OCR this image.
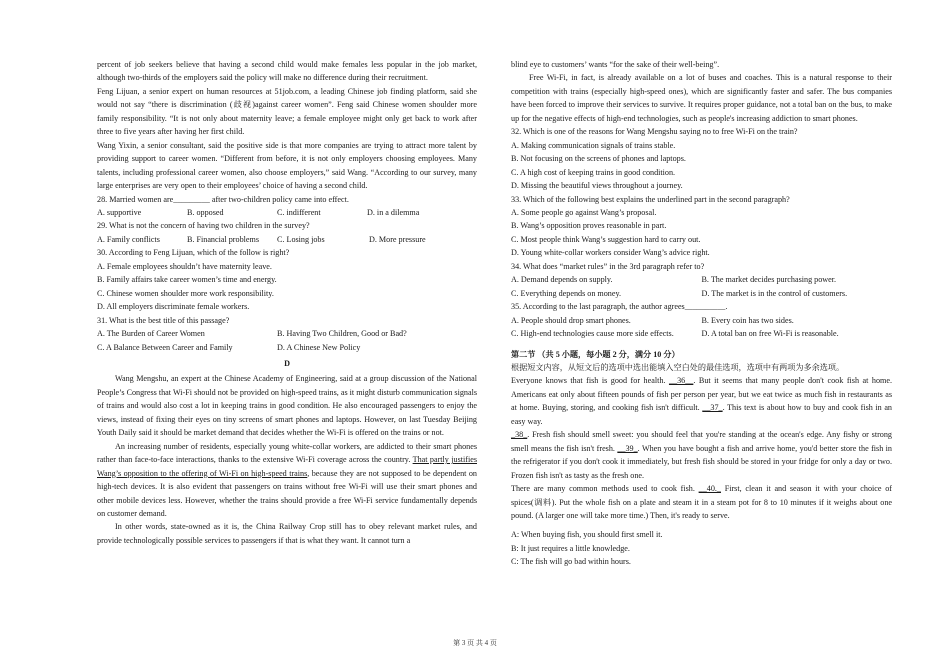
percent of job seekers believe that having a second child would make females less popular in the job market, although two-thirds of the employers said the policy will make no difference during their recruitment.

Feng Lijuan, a senior expert on human resources at 51job.com, a leading Chinese job finding platform, said she would not say “there is discrimination (歧视)against career women”. Feng said Chinese women shoulder more family responsibility. “It is not only about maternity leave; a female employee might only get back to work after three to five years after having her first child.

Wang Yixin, a senior consultant, said the positive side is that more companies are trying to attract more talent by providing support to career women. “Different from before, it is not only employers choosing employees. Many talents, including professional career women, also choose employers,” said Wang. “According to our survey, many large enterprises are very open to their employees’ choice of having a second child.

28. Married women are_________ after two-children policy came into effect.

A. supportive	B. opposed	C. indifferent	D. in a dilemma

29. What is not the concern of having two children in the survey?

A. Family conflicts	B. Financial problems	C. Losing jobs	D. More pressure

30. According to Feng Lijuan, which of the follow is right?

A. Female employees shouldn’t have maternity leave.

B. Family affairs take career women’s time and energy.

C. Chinese women shoulder more work responsibility.

D. All employers discriminate female workers.

31. What is the best title of this passage?

A. The Burden of Career Women	B. Having Two Children, Good or Bad?
C. A Balance Between Career and Family	D. A Chinese New Policy
D

Wang Mengshu, an expert at the Chinese Academy of Engineering, said at a group discussion of the National People’s Congress that Wi-Fi should not be provided on high-speed trains, as it might disturb communication signals of trains and would also cost a lot in keeping trains in good condition. He also encouraged passengers to enjoy the views, instead of fixing their eyes on tiny screens of smart phones and laptops. However, on last Tuesday Beijing Youth Daily said it should be market demand that decides whether the Wi-Fi is offered on the trains or not.

An increasing number of residents, especially young white-collar workers, are addicted to their smart phones rather than face-to-face interactions, thanks to the extensive Wi-Fi coverage across the country. That partly justifies Wang’s opposition to the offering of Wi-Fi on high-speed trains, because they are not supposed to be dependent on high-tech devices. It is also evident that passengers on trains without free Wi-Fi will use their smart phones and other mobile devices less. However, whether the trains should provide a free Wi-Fi service fundamentally depends on customer demand.

In other words, state-owned as it is, the China Railway Crop still has to obey relevant market rules, and provide technologically possible services to passengers if that is what they want. It cannot turn a

blind eye to customers’ wants “for the sake of their well-being”.

Free Wi-Fi, in fact, is already available on a lot of buses and coaches. This is a natural response to their competition with trains (especially high-speed ones), which are significantly faster and safer. The bus companies have been forced to improve their services to survive. It requires proper guidance, not a total ban on the bus, to make up for the negative effects of high-end technologies, such as people's increasing addiction to smart phones.

32. Which is one of the reasons for Wang Mengshu saying no to free Wi-Fi on the train?

A. Making communication signals of trains stable.

B. Not focusing on the screens of phones and laptops.

C. A high cost of keeping trains in good condition.

D. Missing the beautiful views throughout a journey.

33. Which of the following best explains the underlined part in the second paragraph?

A. Some people go against Wang’s proposal.

B. Wang’s opposition proves reasonable in part.

C. Most people think Wang’s suggestion hard to carry out.

D. Young white-collar workers consider Wang’s advice right.

34. What does “market rules” in the 3rd paragraph refer to?

A. Demand depends on supply.	B. The market decides purchasing power.
C. Everything depends on money.	D. The market is in the control of customers.

35. According to the last paragraph, the author agrees__________.

A. People should drop smart phones.	B. Every coin has two sides.
C. High-end technologies cause more side effects.	D. A total ban on free Wi-Fi is reasonable.

第二节 （共 5 小题，每小题 2 分，满分 10 分）

根据短文内容，从短文后的选项中选出能填入空白处的最佳选项，选项中有两项为多余选项。

Everyone knows that fish is good for health. __36__. But it seems that many people don't cook fish at home. Americans eat only about fifteen pounds of fish per person per year, but we eat twice as much fish in restaurants as at home. Buying, storing, and cooking fish isn't difficult. __37_. This text is about how to buy and cook fish in an easy way.

_38_. Fresh fish should smell sweet: you should feel that you're standing at the ocean's edge. Any fishy or strong smell means the fish isn't fresh. __39_. When you have bought a fish and arrive home, you'd better store the fish in the refrigerator if you don't cook it immediately, but fresh fish should be stored in your fridge for only a day or two. Frozen fish isn't as tasty as the fresh one.

There are many common methods used to cook fish. __40._ First, clean it and season it with your choice of spices(调料). Put the whole fish on a plate and steam it in a steam pot for 8 to 10 minutes if it weighs about one pound. (A larger one will take more time.) Then, it's ready to serve.

A: When buying fish, you should first smell it.

B: It just requires a little knowledge.

C: The fish will go bad within hours.

第 3 页 共 4 页
